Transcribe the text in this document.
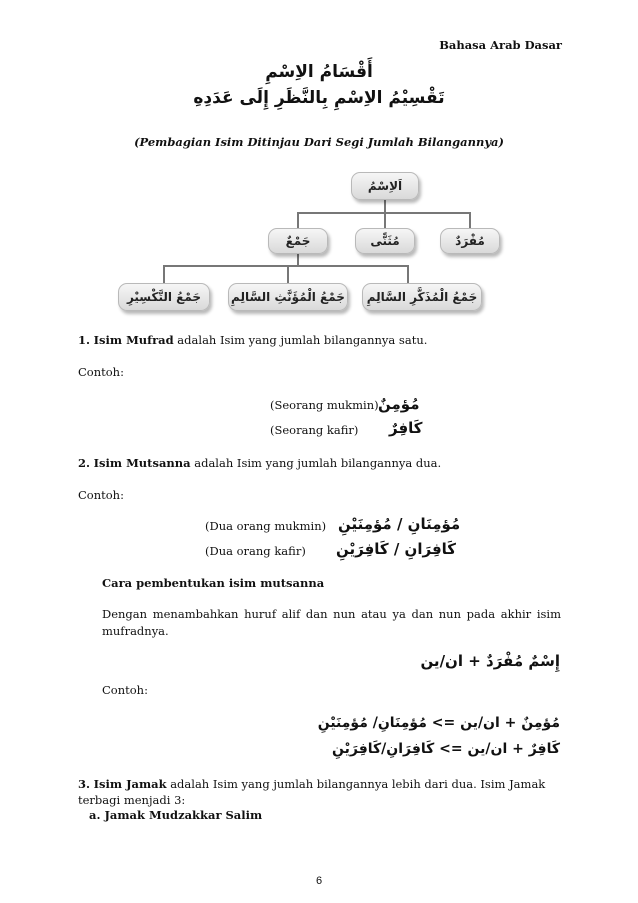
Bahasa Arab Dasar
أَقْسَامُ الاِسْمِ
تَقْسِيْمُ الاِسْمِ بِالنَّظَرِ إِلَى عَدَدِهِ
(Pembagian Isim Ditinjau Dari Segi Jumlah Bilangannya)
اَلاِسْمُ
جَمْعٌ	مُثَنًّى	مُفْرَدٌ
جَمْعُ التَّكْسِيْرِ	جَمْعُ الْمُؤَنَّثِ السَّالِمِ	جَمْعُ الْمُذَكَّرِ السَّالِمِ
1. Isim Mufrad adalah Isim yang jumlah bilangannya satu.
Contoh:
(Seorang mukmin) مُؤمِنٌ
(Seorang kafir) كَافِرٌ
2. Isim Mutsanna adalah Isim yang jumlah bilangannya dua.
Contoh:
(Dua orang mukmin) مُؤمِنَانِ / مُؤمِنَيْنِ
(Dua orang kafir) كَافِرَانِ / كَافِرَيْنِ
Cara pembentukan isim mutsanna
Dengan menambahkan huruf alif dan nun atau ya dan nun pada akhir isim mufradnya.
إِسْمٌ مُفْرَدٌ + ان/ين
Contoh:
مُؤمِنٌ + ان/ين => مُؤمِنَانِ/ مُؤمِنَيْنِ
كَافِرٌ + ان/ين => كَافِرَانِ/كَافِرَيْنِ
3. Isim Jamak adalah Isim yang jumlah bilangannya lebih dari dua. Isim Jamak terbagi menjadi 3:
a. Jamak Mudzakkar Salim
6
